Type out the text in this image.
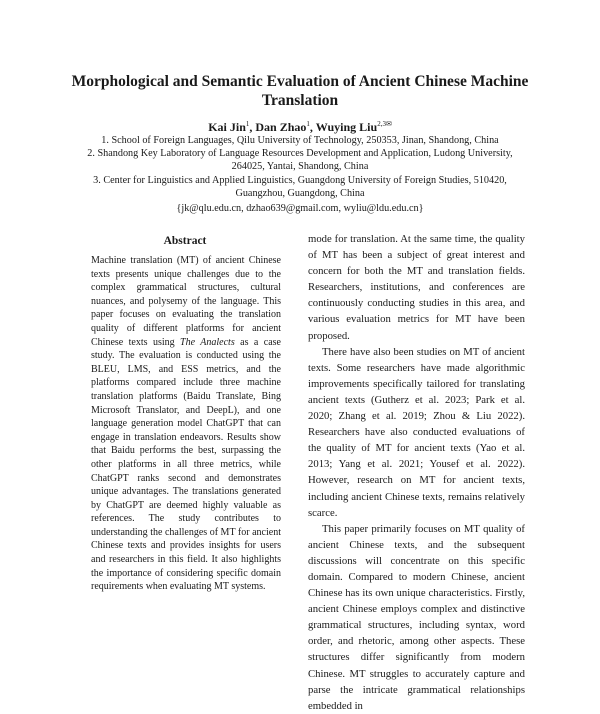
Morphological and Semantic Evaluation of Ancient Chinese Machine Translation
Kai Jin$^1$, Dan Zhao$^1$, Wuying Liu$^{2,3✉}$
1. School of Foreign Languages, Qilu University of Technology, 250353, Jinan, Shandong, China
2. Shandong Key Laboratory of Language Resources Development and Application, Ludong University, 264025, Yantai, Shandong, China
3. Center for Linguistics and Applied Linguistics, Guangdong University of Foreign Studies, 510420, Guangzhou, Guangdong, China
{jk@qlu.edu.cn, dzhao639@gmail.com, wyliu@ldu.edu.cn}
Abstract

Machine translation (MT) of ancient Chinese texts presents unique challenges due to the complex grammatical structures, cultural nuances, and polysemy of the language. This paper focuses on evaluating the translation quality of different platforms for ancient Chinese texts using The Analects as a case study. The evaluation is conducted using the BLEU, LMS, and ESS metrics, and the platforms compared include three machine translation platforms (Baidu Translate, Bing Microsoft Translator, and DeepL), and one language generation model ChatGPT that can engage in translation endeavors. Results show that Baidu performs the best, surpassing the other platforms in all three metrics, while ChatGPT ranks second and demonstrates unique advantages. The translations generated by ChatGPT are deemed highly valuable as references. The study contributes to understanding the challenges of MT for ancient Chinese texts and provides insights for users and researchers in this field. It also highlights the importance of considering specific domain requirements when evaluating MT systems.

mode for translation. At the same time, the quality of MT has been a subject of great interest and concern for both the MT and translation fields. Researchers, institutions, and conferences are continuously conducting studies in this area, and various evaluation metrics for MT have been proposed.

There have also been studies on MT of ancient texts. Some researchers have made algorithmic improvements specifically tailored for translating ancient texts (Gutherz et al. 2023; Park et al. 2020; Zhang et al. 2019; Zhou & Liu 2022). Researchers have also conducted evaluations of the quality of MT for ancient texts (Yao et al. 2013; Yang et al. 2021; Yousef et al. 2022). However, research on MT for ancient texts, including ancient Chinese texts, remains relatively scarce.

This paper primarily focuses on MT quality of ancient Chinese texts, and the subsequent discussions will concentrate on this specific domain. Compared to modern Chinese, ancient Chinese has its own unique characteristics. Firstly, ancient Chinese employs complex and distinctive grammatical structures, including syntax, word order, and rhetoric, among other aspects. These structures differ significantly from modern Chinese. MT struggles to accurately capture and parse the intricate grammatical relationships embedded in
